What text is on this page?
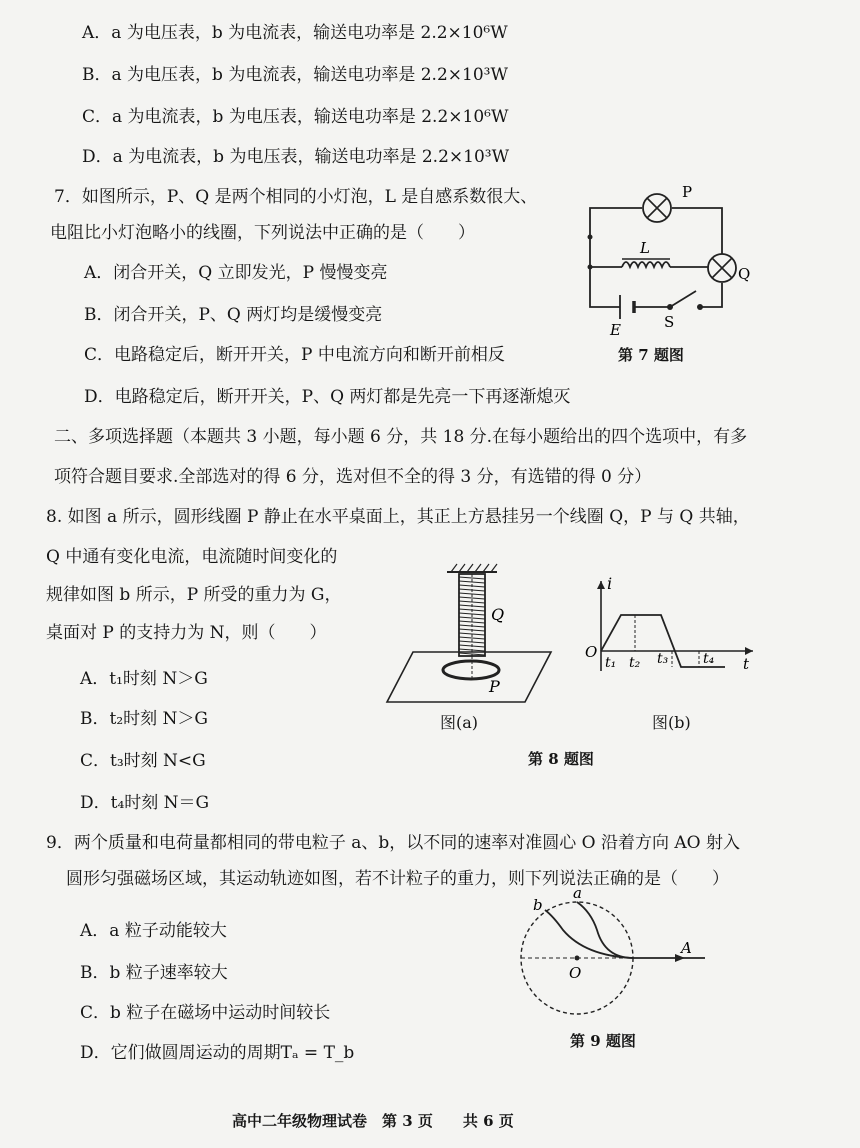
A．a 为电压表，b 为电流表，输送电功率是 2.2×10⁶W
B．a 为电压表，b 为电流表，输送电功率是 2.2×10³W
C．a 为电流表，b 为电压表，输送电功率是 2.2×10⁶W
D．a 为电流表，b 为电压表，输送电功率是 2.2×10³W
7．如图所示，P、Q 是两个相同的小灯泡，L 是自感系数很大、
电阻比小灯泡略小的线圈，下列说法中正确的是（　　）
A．闭合开关，Q 立即发光，P 慢慢变亮
B．闭合开关，P、Q 两灯均是缓慢变亮
C．电路稳定后，断开开关，P 中电流方向和断开前相反
D．电路稳定后，断开开关，P、Q 两灯都是先亮一下再逐渐熄灭
P
L
Q
E	S
第 7 题图
二、多项选择题（本题共 3 小题，每小题 6 分，共 18 分.在每小题给出的四个选项中，有多
项符合题目要求.全部选对的得 6 分，选对但不全的得 3 分，有选错的得 0 分）
8. 如图 a 所示，圆形线圈 P 静止在水平桌面上，其正上方悬挂另一个线圈 Q，P 与 Q 共轴，
Q 中通有变化电流，电流随时间变化的
规律如图 b 所示，P 所受的重力为 G，
桌面对 P 的支持力为 N，则（　　）
A．t₁时刻 N＞G
B．t₂时刻 N＞G
C．t₃时刻 N<G
D．t₄时刻 N＝G
Q
P
图(a)
i
O
t
t₁ t₂ t₃ t₄
图(b)
第 8 题图
9．两个质量和电荷量都相同的带电粒子 a、b，以不同的速率对准圆心 O 沿着方向 AO 射入
圆形匀强磁场区域，其运动轨迹如图，若不计粒子的重力，则下列说法正确的是（　　）
A．a 粒子动能较大
B．b 粒子速率较大
C．b 粒子在磁场中运动时间较长
D．它们做圆周运动的周期Tₐ = T_b
a
b
O
A
第 9 题图
高中二年级物理试卷　第 3 页　　共 6 页
